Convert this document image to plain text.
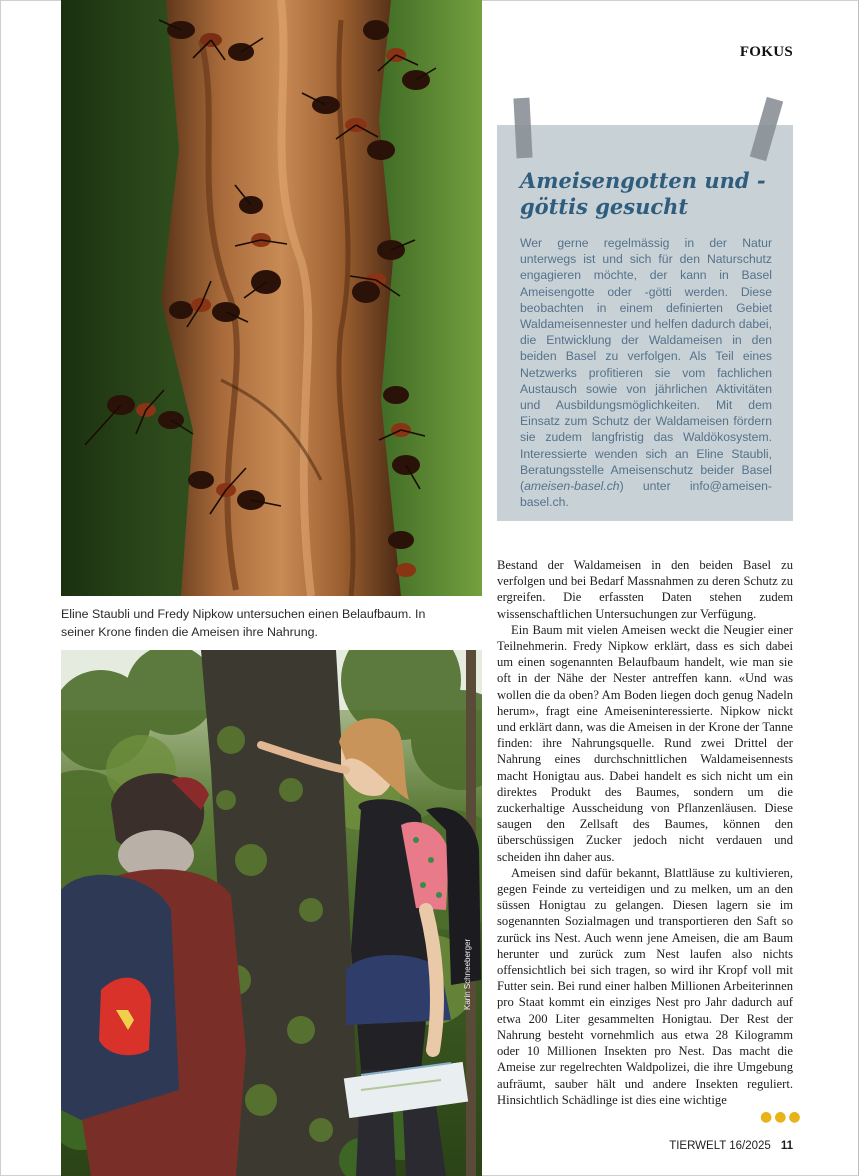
Eline Staubli und Fredy Nipkow untersuchen einen Belaufbaum. In seiner Krone finden die Ameisen ihre Nahrung.
Karin Schneeberger
FOKUS
Ameisengotten und -göttis gesucht
Wer gerne regelmässig in der Natur unterwegs ist und sich für den Naturschutz engagieren möchte, der kann in Basel Ameisengotte oder -götti werden. Diese beobachten in einem definierten Gebiet Waldameisennester und helfen dadurch dabei, die Entwicklung der Waldameisen in den beiden Basel zu verfolgen. Als Teil eines Netzwerks profitieren sie vom fachlichen Austausch sowie von jährlichen Aktivitäten und Ausbildungsmöglichkeiten. Mit dem Einsatz zum Schutz der Waldameisen fördern sie zudem langfristig das Waldökosystem. Interessierte wenden sich an Eline Staubli, Beratungsstelle Ameisenschutz beider Basel (ameisen-basel.ch) unter info@ameisen-basel.ch.

Bestand der Waldameisen in den beiden Basel zu verfolgen und bei Bedarf Massnahmen zu deren Schutz zu ergreifen. Die erfassten Daten stehen zudem wissenschaftlichen Untersuchungen zur Verfügung.

Ein Baum mit vielen Ameisen weckt die Neugier einer Teilnehmerin. Fredy Nipkow erklärt, dass es sich dabei um einen sogenannten Belaufbaum handelt, wie man sie oft in der Nähe der Nester antreffen kann. «Und was wollen die da oben? Am Boden liegen doch genug Nadeln herum», fragt eine Ameiseninteressierte. Nipkow nickt und erklärt dann, was die Ameisen in der Krone der Tanne finden: ihre Nahrungsquelle. Rund zwei Drittel der Nahrung eines durchschnittlichen Waldameisennests macht Honigtau aus. Dabei handelt es sich nicht um ein direktes Produkt des Baumes, sondern um die zuckerhaltige Ausscheidung von Pflanzenläusen. Diese saugen den Zellsaft des Baumes, können den überschüssigen Zucker jedoch nicht verdauen und scheiden ihn daher aus.

Ameisen sind dafür bekannt, Blattläuse zu kultivieren, gegen Feinde zu verteidigen und zu melken, um an den süssen Honigtau zu gelangen. Diesen lagern sie im sogenannten Sozialmagen und transportieren den Saft so zurück ins Nest. Auch wenn jene Ameisen, die am Baum herunter und zurück zum Nest laufen also nichts offensichtlich bei sich tragen, so wird ihr Kropf voll mit Futter sein. Bei rund einer halben Millionen Arbeiterinnen pro Staat kommt ein einziges Nest pro Jahr dadurch auf etwa 200 Liter gesammelten Honigtau. Der Rest der Nahrung besteht vornehmlich aus etwa 28 Kilogramm oder 10 Millionen Insekten pro Nest. Das macht die Ameise zur regelrechten Waldpolizei, die ihre Umgebung aufräumt, sauber hält und andere Insekten reguliert. Hinsichtlich Schädlinge ist dies eine wichtige

●●●
TIERWELT 16/2025 11
